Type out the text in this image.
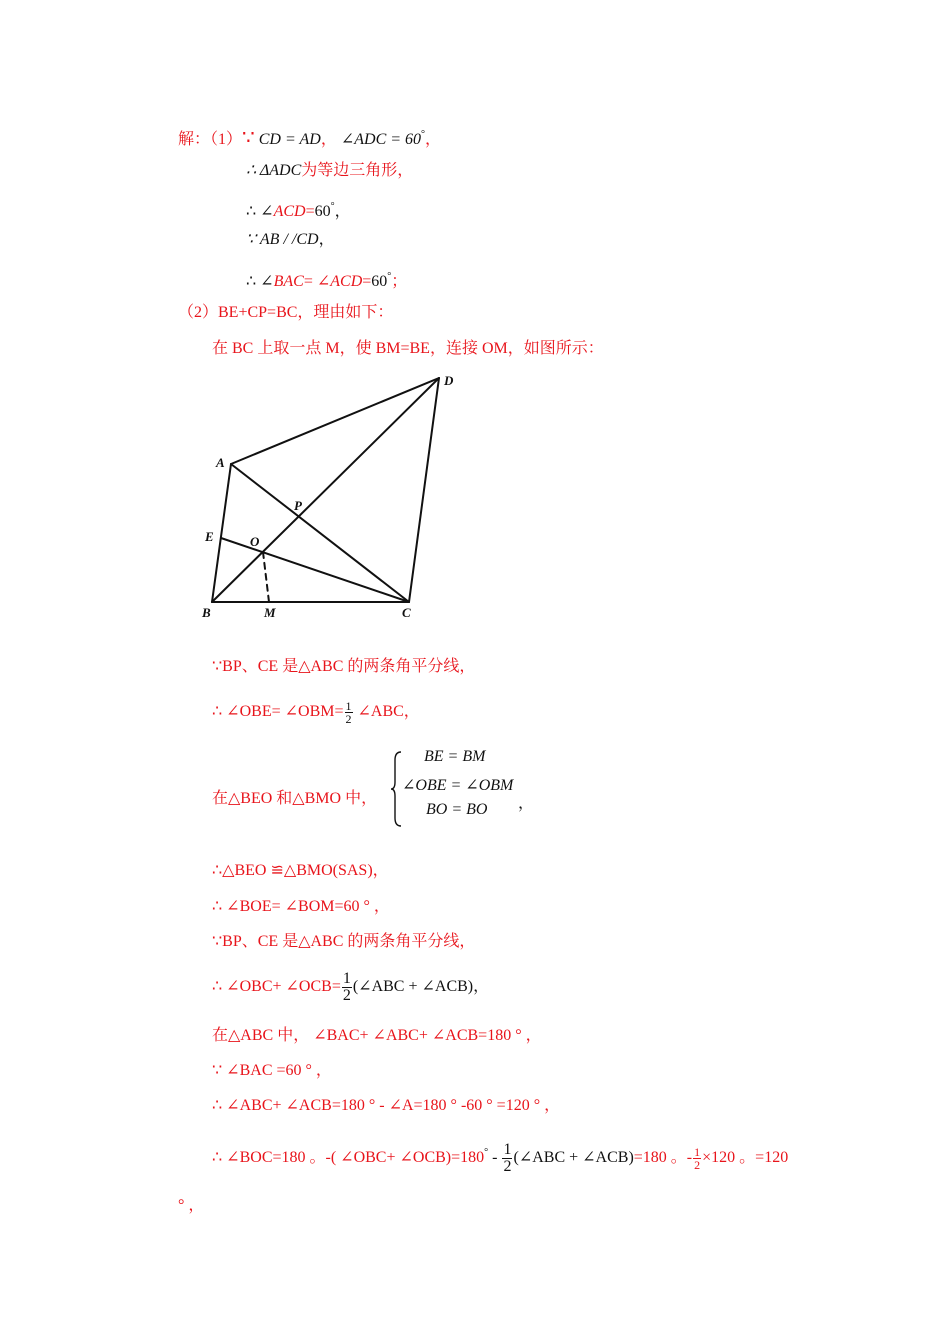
解：（1）∵ CD = AD， ∠ADC = 60°，
∴ ΔADC为等边三角形，
∴ ∠ACD=60°，
∵ AB / /CD，
∴ ∠BAC= ∠ACD=60°；
（2）BE+CP=BC，理由如下：
在 BC 上取一点 M，使 BM=BE，连接 OM，如图所示：
A
D
P
E	O
B	M	C
∵BP、CE 是△ABC 的两条角平分线，
∴ ∠OBE= ∠OBM= $\frac{1}{2}$ ∠ABC，
在△BEO 和△BMO 中，
BE = BM
∠OBE = ∠OBM
BO = BO ，
∴△BEO ≌△BMO(SAS)，
∴ ∠BOE= ∠BOM=60 ° ，
∵BP、CE 是△ABC 的两条角平分线，
∴ ∠OBC+ ∠OCB= $\frac{1}{2}$ (∠ABC + ∠ACB)，
在△ABC 中， ∠BAC+ ∠ABC+ ∠ACB=180 ° ，
∵ ∠BAC =60 ° ，
∴ ∠ABC+ ∠ACB=180 ° - ∠A=180 ° -60 ° =120 ° ，
∴ ∠BOC=180 。-( ∠OBC+ ∠OCB)=180° - $\frac{1}{2}$ (∠ABC + ∠ACB)=180 。- $\frac{1}{2} \times 120$ 。=120
° ，
